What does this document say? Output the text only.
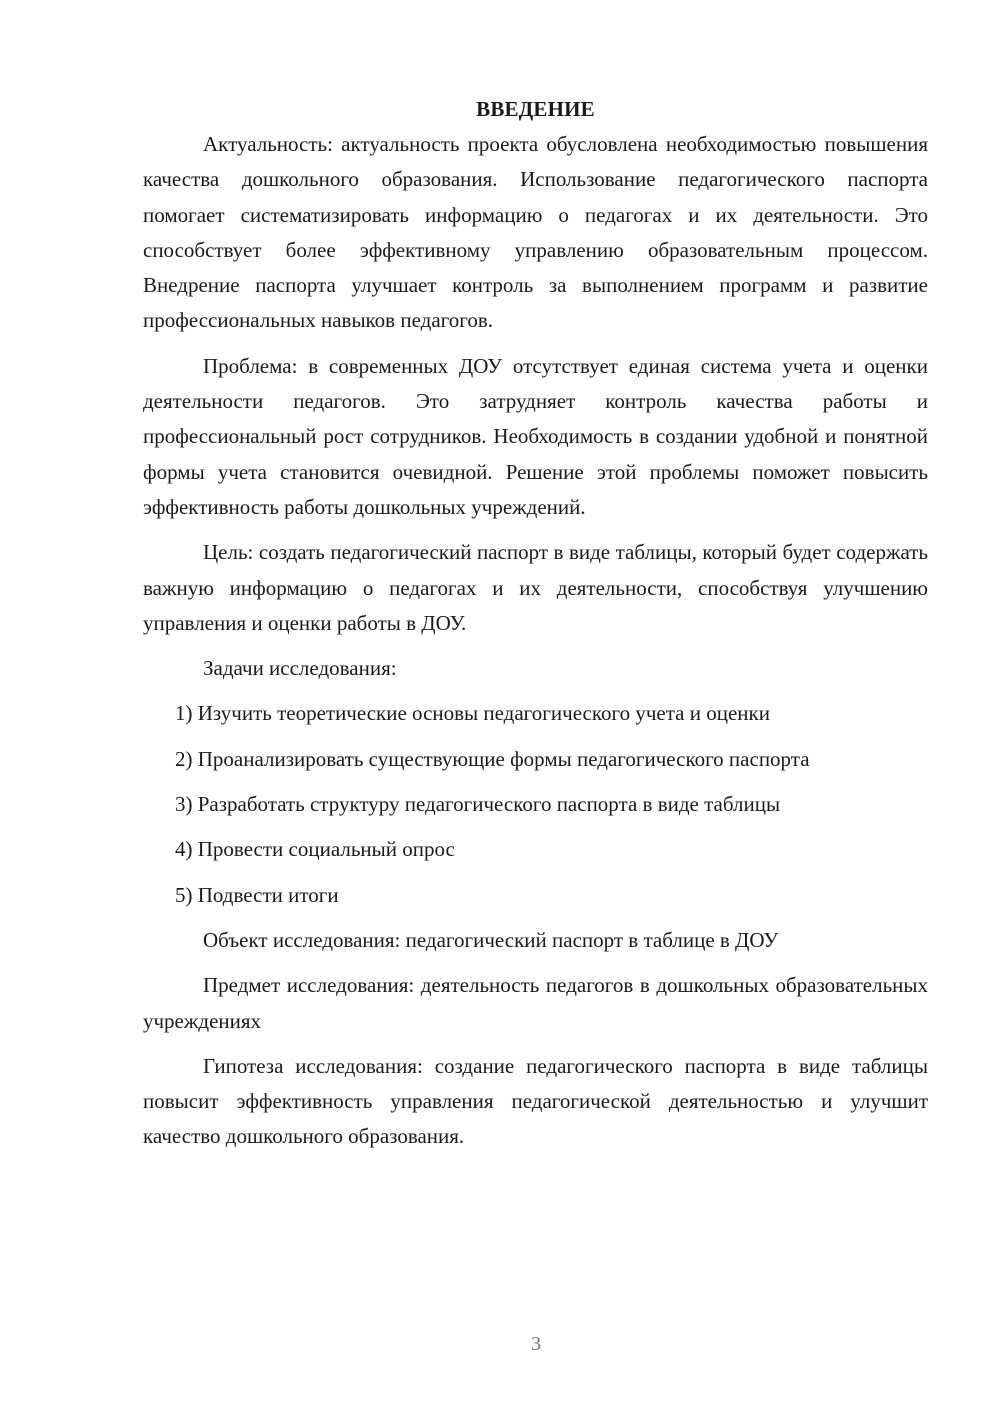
ВВЕДЕНИЕ

Актуальность: актуальность проекта обусловлена необходимостью повышения качества дошкольного образования. Использование педагогического паспорта помогает систематизировать информацию о педагогах и их деятельности. Это способствует более эффективному управлению образовательным процессом. Внедрение паспорта улучшает контроль за выполнением программ и развитие профессиональных навыков педагогов.

Проблема: в современных ДОУ отсутствует единая система учета и оценки деятельности педагогов. Это затрудняет контроль качества работы и профессиональный рост сотрудников. Необходимость в создании удобной и понятной формы учета становится очевидной. Решение этой проблемы поможет повысить эффективность работы дошкольных учреждений.

Цель: создать педагогический паспорт в виде таблицы, который будет содержать важную информацию о педагогах и их деятельности, способствуя улучшению управления и оценки работы в ДОУ.

Задачи исследования:

1) Изучить теоретические основы педагогического учета и оценки

2) Проанализировать существующие формы педагогического паспорта

3) Разработать структуру педагогического паспорта в виде таблицы

4) Провести социальный опрос

5) Подвести итоги

Объект исследования: педагогический паспорт в таблице в ДОУ

Предмет исследования: деятельность педагогов в дошкольных образовательных учреждениях

Гипотеза исследования: создание педагогического паспорта в виде таблицы повысит эффективность управления педагогической деятельностью и улучшит качество дошкольного образования.

3
